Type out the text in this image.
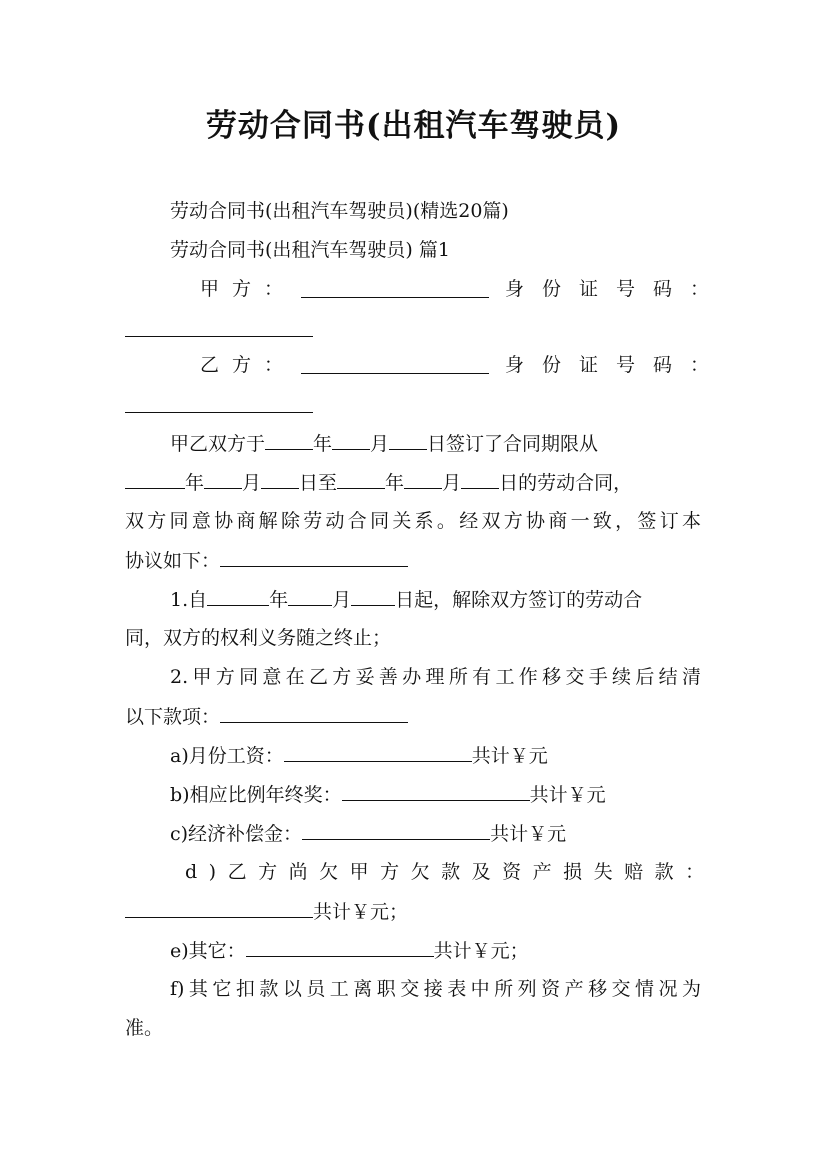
劳动合同书(出租汽车驾驶员)
劳动合同书(出租汽车驾驶员)(精选20篇)
劳动合同书(出租汽车驾驶员) 篇1
甲方：	身份证号码：
乙方：	身份证号码：
甲乙双方于	年 月 日签订了合同期限从
年 月 日至	年 月 日的劳动合同，
双方同意协商解除劳动合同关系。经双方协商一致，签订本
协议如下：
1.自	年 月 日起，解除双方签订的劳动合
同，双方的权利义务随之终止；
2.甲方同意在乙方妥善办理所有工作移交手续后结清
以下款项：
a)月份工资：	共计￥元
b)相应比例年终奖：	共计￥元
c)经济补偿金：	共计￥元
d)乙方尚欠甲方欠款及资产损失赔款：
共计￥元；
e)其它：	共计￥元；
f)其它扣款以员工离职交接表中所列资产移交情况为
准。
